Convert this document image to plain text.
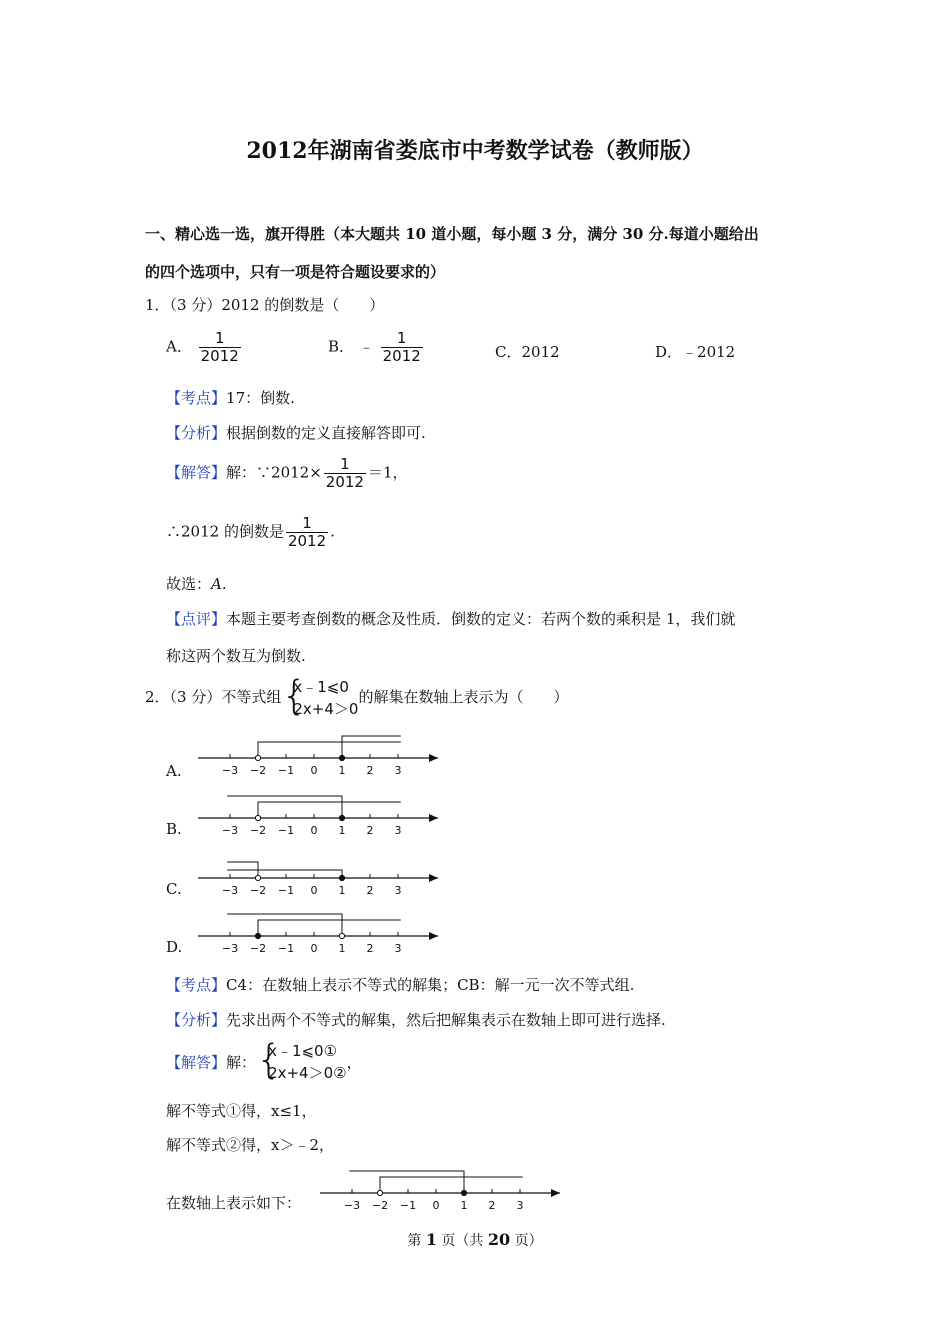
2012年湖南省娄底市中考数学试卷（教师版）
一、精心选一选，旗开得胜（本大题共 10 道小题，每小题 3 分，满分 30 分.每道小题给出
的四个选项中，只有一项是符合题设要求的）
1．（3 分）2012 的倒数是（　　）
A． $\frac{1}{2012}$	B． ﹣ $\frac{1}{2012}$	C．2012	D．﹣2012
【考点】17：倒数.
【分析】根据倒数的定义直接解答即可.
【解答】解：∵2012× $\frac{1}{2012} =1$，
∴2012 的倒数是 $\frac{1}{2012}$ .
故选：A.
【点评】本题主要考查倒数的概念及性质．倒数的定义：若两个数的乘积是 1，我们就
称这两个数互为倒数.
2．（3 分）不等式组 {
x﹣1⩽0
2x+4＞0
的解集在数轴上表示为（　　）
A.
B.
C.
D.
−3 −2 −1 0 1 2 3
−3 −2 −1 0 1 2 3
−3 −2 −1 0 1 2 3
−3 −2 −1 0 1 2 3
【考点】C4：在数轴上表示不等式的解集；CB：解一元一次不等式组.
【分析】先求出两个不等式的解集，然后把解集表示在数轴上即可进行选择.
【解答】解： {
x﹣1⩽0①
2x+4＞0②
，
解不等式①得，x≤1，
解不等式②得，x＞﹣2，
在数轴上表示如下：	−3 −2 −1 0 1 2 3
第 1 页（共 20 页）
